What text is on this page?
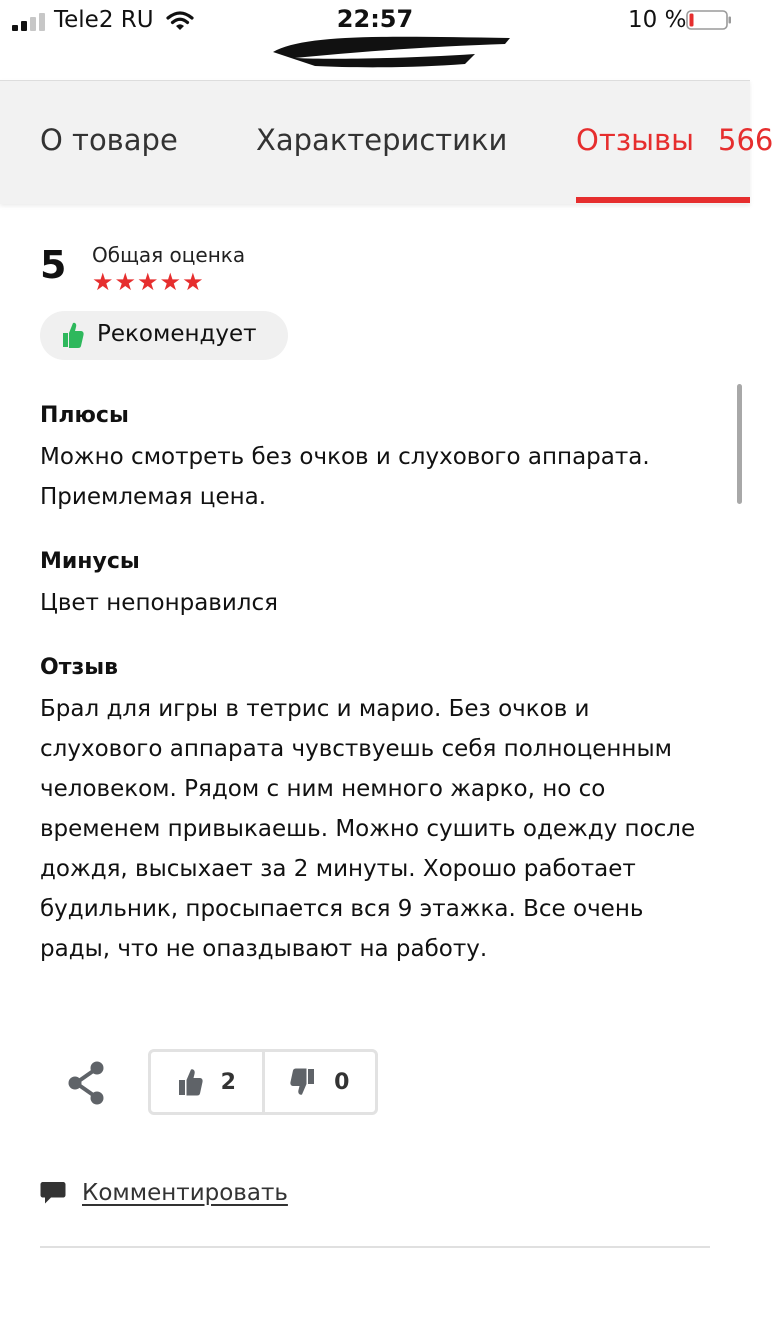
Tele2 RU	22:57	10 %
О товаре	Характеристики Отзывы 566
5 Общая оценка
★★★★★
Рекомендует
Плюсы
Можно смотреть без очков и слухового аппарата.
Приемлемая цена.
Минусы
Цвет непонравился
Отзыв
Брал для игры в тетрис и марио. Без очков и слухового аппарата чувствуешь себя полноценным человеком. Рядом с ним немного жарко, но со временем привыкаешь. Можно сушить одежду после дождя, высыхает за 2 минуты. Хорошо работает будильник, просыпается вся 9 этажка. Все очень рады, что не опаздывают на работу.
2	0
Комментировать
